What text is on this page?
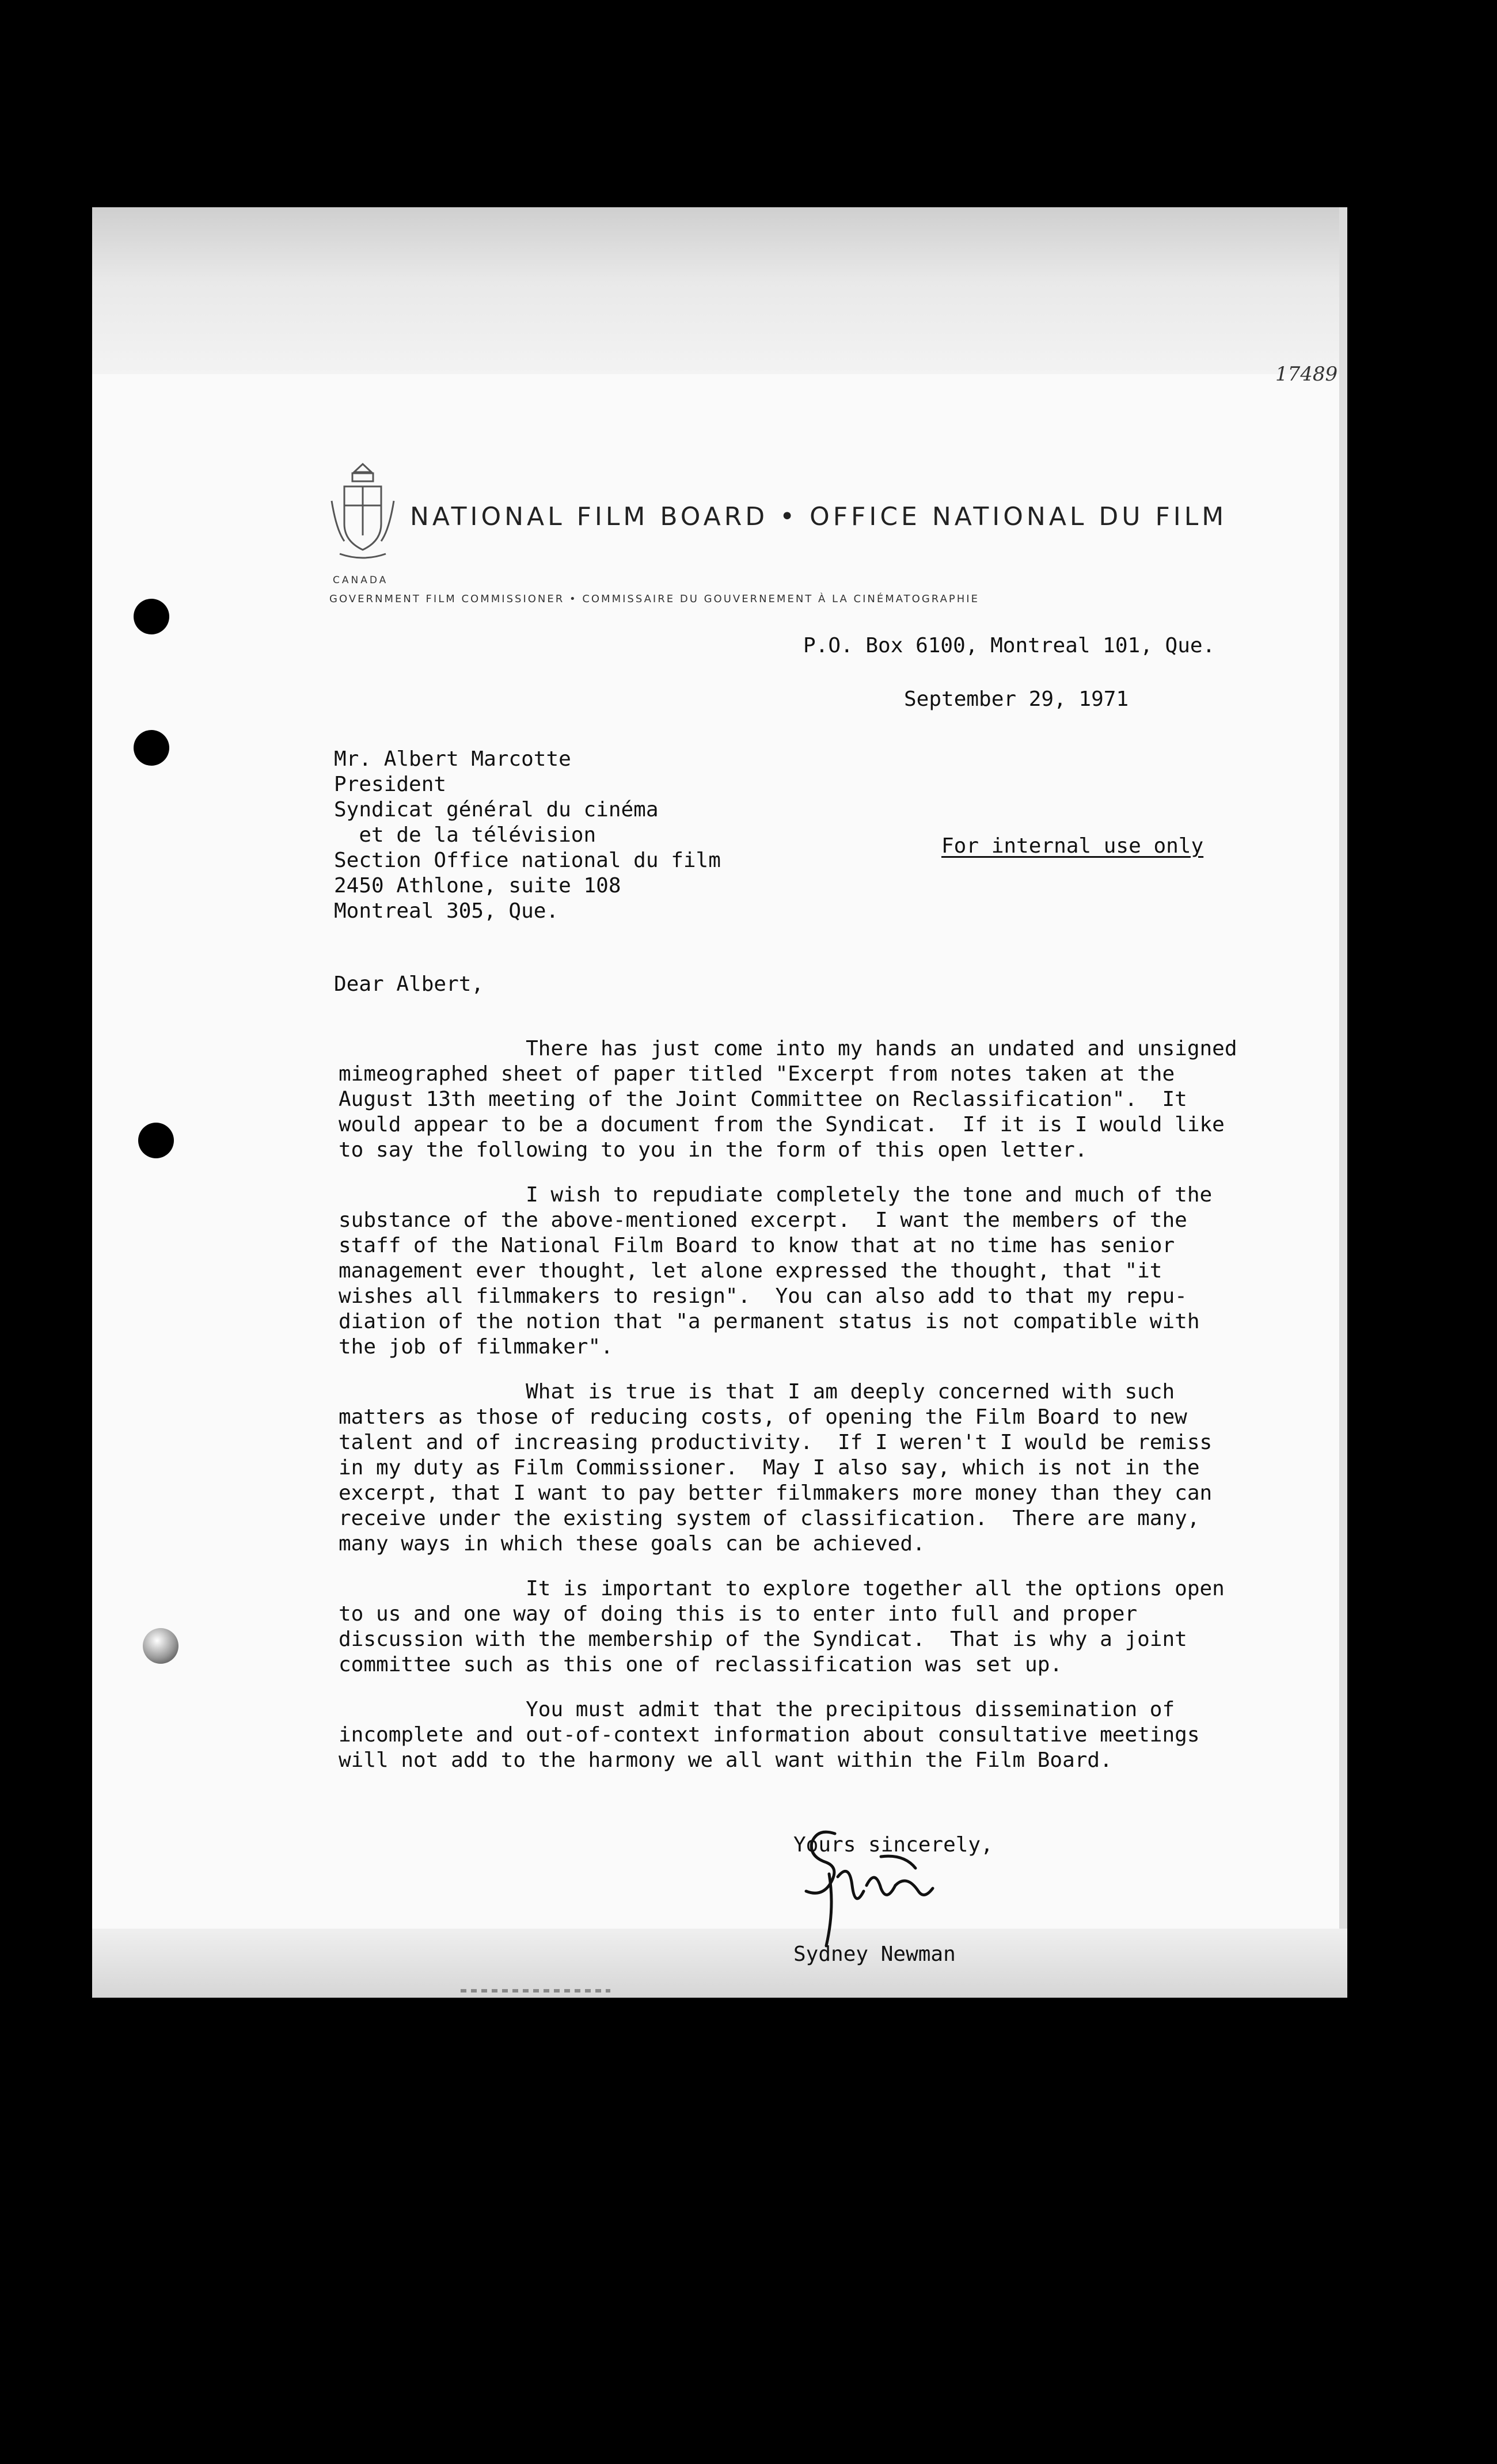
17489
NATIONAL FILM BOARD • OFFICE NATIONAL DU FILM
CANADA
GOVERNMENT FILM COMMISSIONER • COMMISSAIRE DU GOUVERNEMENT À LA CINÉMATOGRAPHIE
P.O. Box 6100, Montreal 101, Que.
September 29, 1971
Mr. Albert Marcotte
President
Syndicat général du cinéma
et de la télévision
Section Office national du film
2450 Athlone, suite 108
Montreal 305, Que.
For internal use only
Dear Albert,
There has just come into my hands an undated and unsigned
mimeographed sheet of paper titled "Excerpt from notes taken at the
August 13th meeting of the Joint Committee on Reclassification".  It
would appear to be a document from the Syndicat.  If it is I would like
to say the following to you in the form of this open letter.
I wish to repudiate completely the tone and much of the
substance of the above-mentioned excerpt.  I want the members of the
staff of the National Film Board to know that at no time has senior
management ever thought, let alone expressed the thought, that "it
wishes all filmmakers to resign".  You can also add to that my repu-
diation of the notion that "a permanent status is not compatible with
the job of filmmaker".
What is true is that I am deeply concerned with such
matters as those of reducing costs, of opening the Film Board to new
talent and of increasing productivity.  If I weren't I would be remiss
in my duty as Film Commissioner.  May I also say, which is not in the
excerpt, that I want to pay better filmmakers more money than they can
receive under the existing system of classification.  There are many,
many ways in which these goals can be achieved.
It is important to explore together all the options open
to us and one way of doing this is to enter into full and proper
discussion with the membership of the Syndicat.  That is why a joint
committee such as this one of reclassification was set up.
You must admit that the precipitous dissemination of
incomplete and out-of-context information about consultative meetings
will not add to the harmony we all want within the Film Board.
Yours sincerely,
Sydney Newman
